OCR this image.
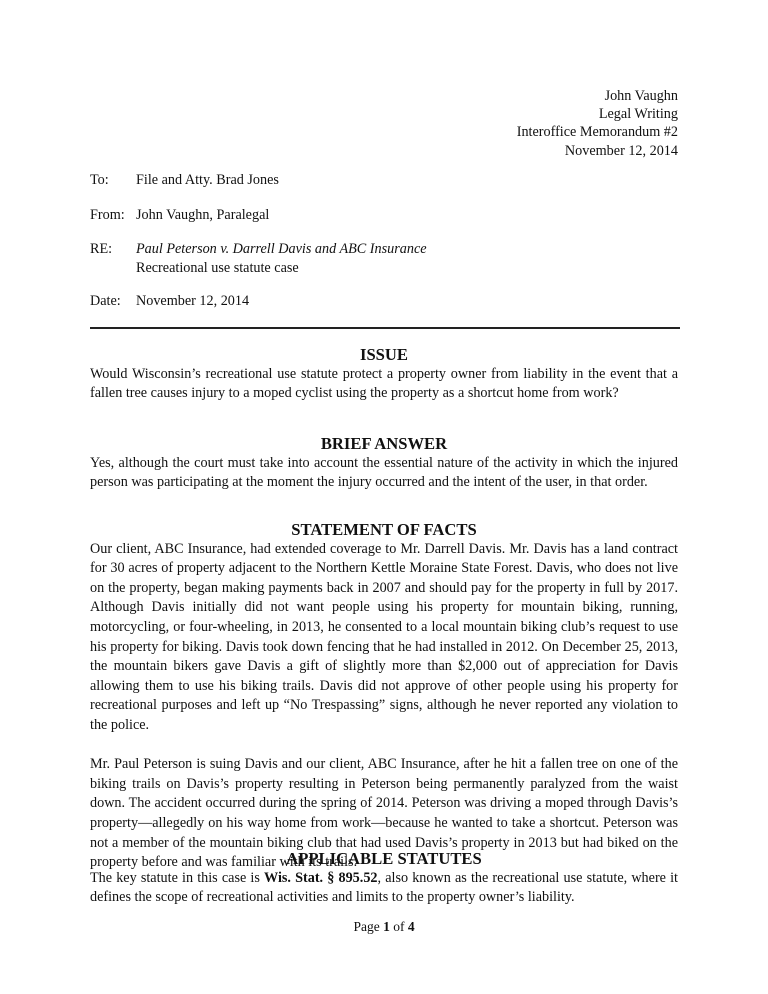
John Vaughn
Legal Writing
Interoffice Memorandum #2
November 12, 2014
To:	File and Atty. Brad Jones
From: John Vaughn, Paralegal
RE:	Paul Peterson v. Darrell Davis and ABC Insurance
Recreational use statute case
Date:	November 12, 2014
ISSUE

Would Wisconsin’s recreational use statute protect a property owner from liability in the event that a fallen tree causes injury to a moped cyclist using the property as a shortcut home from work?

BRIEF ANSWER

Yes, although the court must take into account the essential nature of the activity in which the injured person was participating at the moment the injury occurred and the intent of the user, in that order.

STATEMENT OF FACTS

Our client, ABC Insurance, had extended coverage to Mr. Darrell Davis. Mr. Davis has a land contract for 30 acres of property adjacent to the Northern Kettle Moraine State Forest. Davis, who does not live on the property, began making payments back in 2007 and should pay for the property in full by 2017. Although Davis initially did not want people using his property for mountain biking, running, motorcycling, or four-wheeling, in 2013, he consented to a local mountain biking club’s request to use his property for biking. Davis took down fencing that he had installed in 2012. On December 25, 2013, the mountain bikers gave Davis a gift of slightly more than $2,000 out of appreciation for Davis allowing them to use his biking trails. Davis did not approve of other people using his property for recreational purposes and left up “No Trespassing” signs, although he never reported any violation to the police.

Mr. Paul Peterson is suing Davis and our client, ABC Insurance, after he hit a fallen tree on one of the biking trails on Davis’s property resulting in Peterson being permanently paralyzed from the waist down. The accident occurred during the spring of 2014. Peterson was driving a moped through Davis’s property—allegedly on his way home from work—because he wanted to take a shortcut. Peterson was not a member of the mountain biking club that had used Davis’s property in 2013 but had biked on the property before and was familiar with its trails.

APPLICABLE STATUTES

The key statute in this case is Wis. Stat. § 895.52, also known as the recreational use statute, where it defines the scope of recreational activities and limits to the property owner’s liability.

Page 1 of 4
